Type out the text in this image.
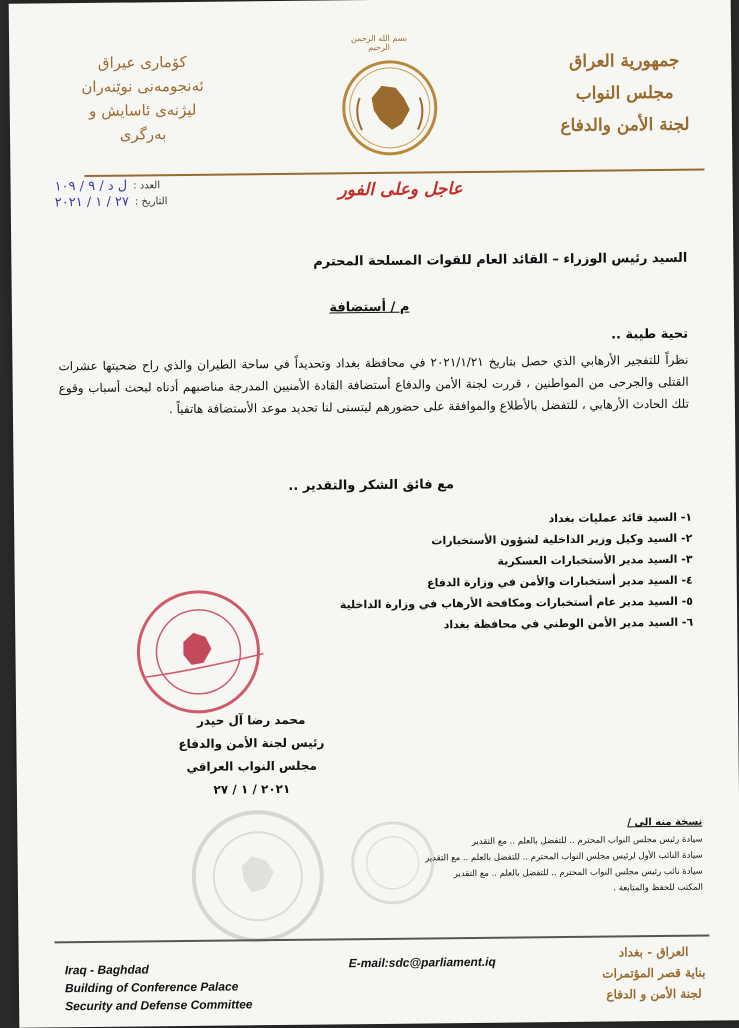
كۆماری عیراق
ئەنجومەنی نوێنەران
لیژنەی ئاسایش و بەرگری
بسم الله الرحمن الرحيم
جمهورية العراق
مجلس النواب
لجنة الأمن والدفاع
العدد :
ل د / ٩ / ١٠٩
التاريخ :
٢٧ / ١ / ٢٠٢١
عاجل وعلى الفور
السيد رئيس الوزراء – القائد العام للقوات المسلحة المحترم
م / أستضافة
تحية طيبة ..
نظراً للتفجير الأرهابي الذي حصل بتاريخ ٢٠٢١/١/٢١ في محافظة بغداد وتحديداً في ساحة الطيران والذي راح ضحيتها عشرات القتلى والجرحى من المواطنين ، قررت لجنة الأمن والدفاع أستضافة القادة الأمنيين المدرجة مناصبهم أدناه لبحث أسباب وقوع تلك الحادث الأرهابي ، للتفضل بالأطلاع والموافقة على حضورهم ليتسنى لنا تحديد موعد الأستضافة هاتفياً .
مع فائق الشكر والتقدير ..
١- السيد قائد عمليات بغداد
٢- السيد وكيل وزير الداخلية لشؤون الأستخبارات
٣- السيد مدير الأستخبارات العسكرية
٤- السيد مدير أستخبارات والأمن في وزارة الدفاع
٥- السيد مدير عام أستخبارات ومكافحة الأرهاب في وزارة الداخلية
٦- السيد مدير الأمن الوطني في محافظة بغداد
محمد رضا آل حيدر
رئيس لجنة الأمن والدفاع
مجلس النواب العراقي
٢٠٢١ / ١ / ٢٧
نسخة منه الى /
سيادة رئيس مجلس النواب المحترم .. للتفضل بالعلم .. مع التقدير
سيادة النائب الأول لرئيس مجلس النواب المحترم .. للتفضل بالعلم .. مع التقدير
سيادة نائب رئيس مجلس النواب المحترم .. للتفضل بالعلم .. مع التقدير
المكتب للحفظ والمتابعة .
Iraq - Baghdad
Building of Conference Palace
Security and Defense Committee
E-mail:sdc@parliament.iq
العراق - بغداد
بناية قصر المؤتمرات
لجنة الأمن و الدفاع
